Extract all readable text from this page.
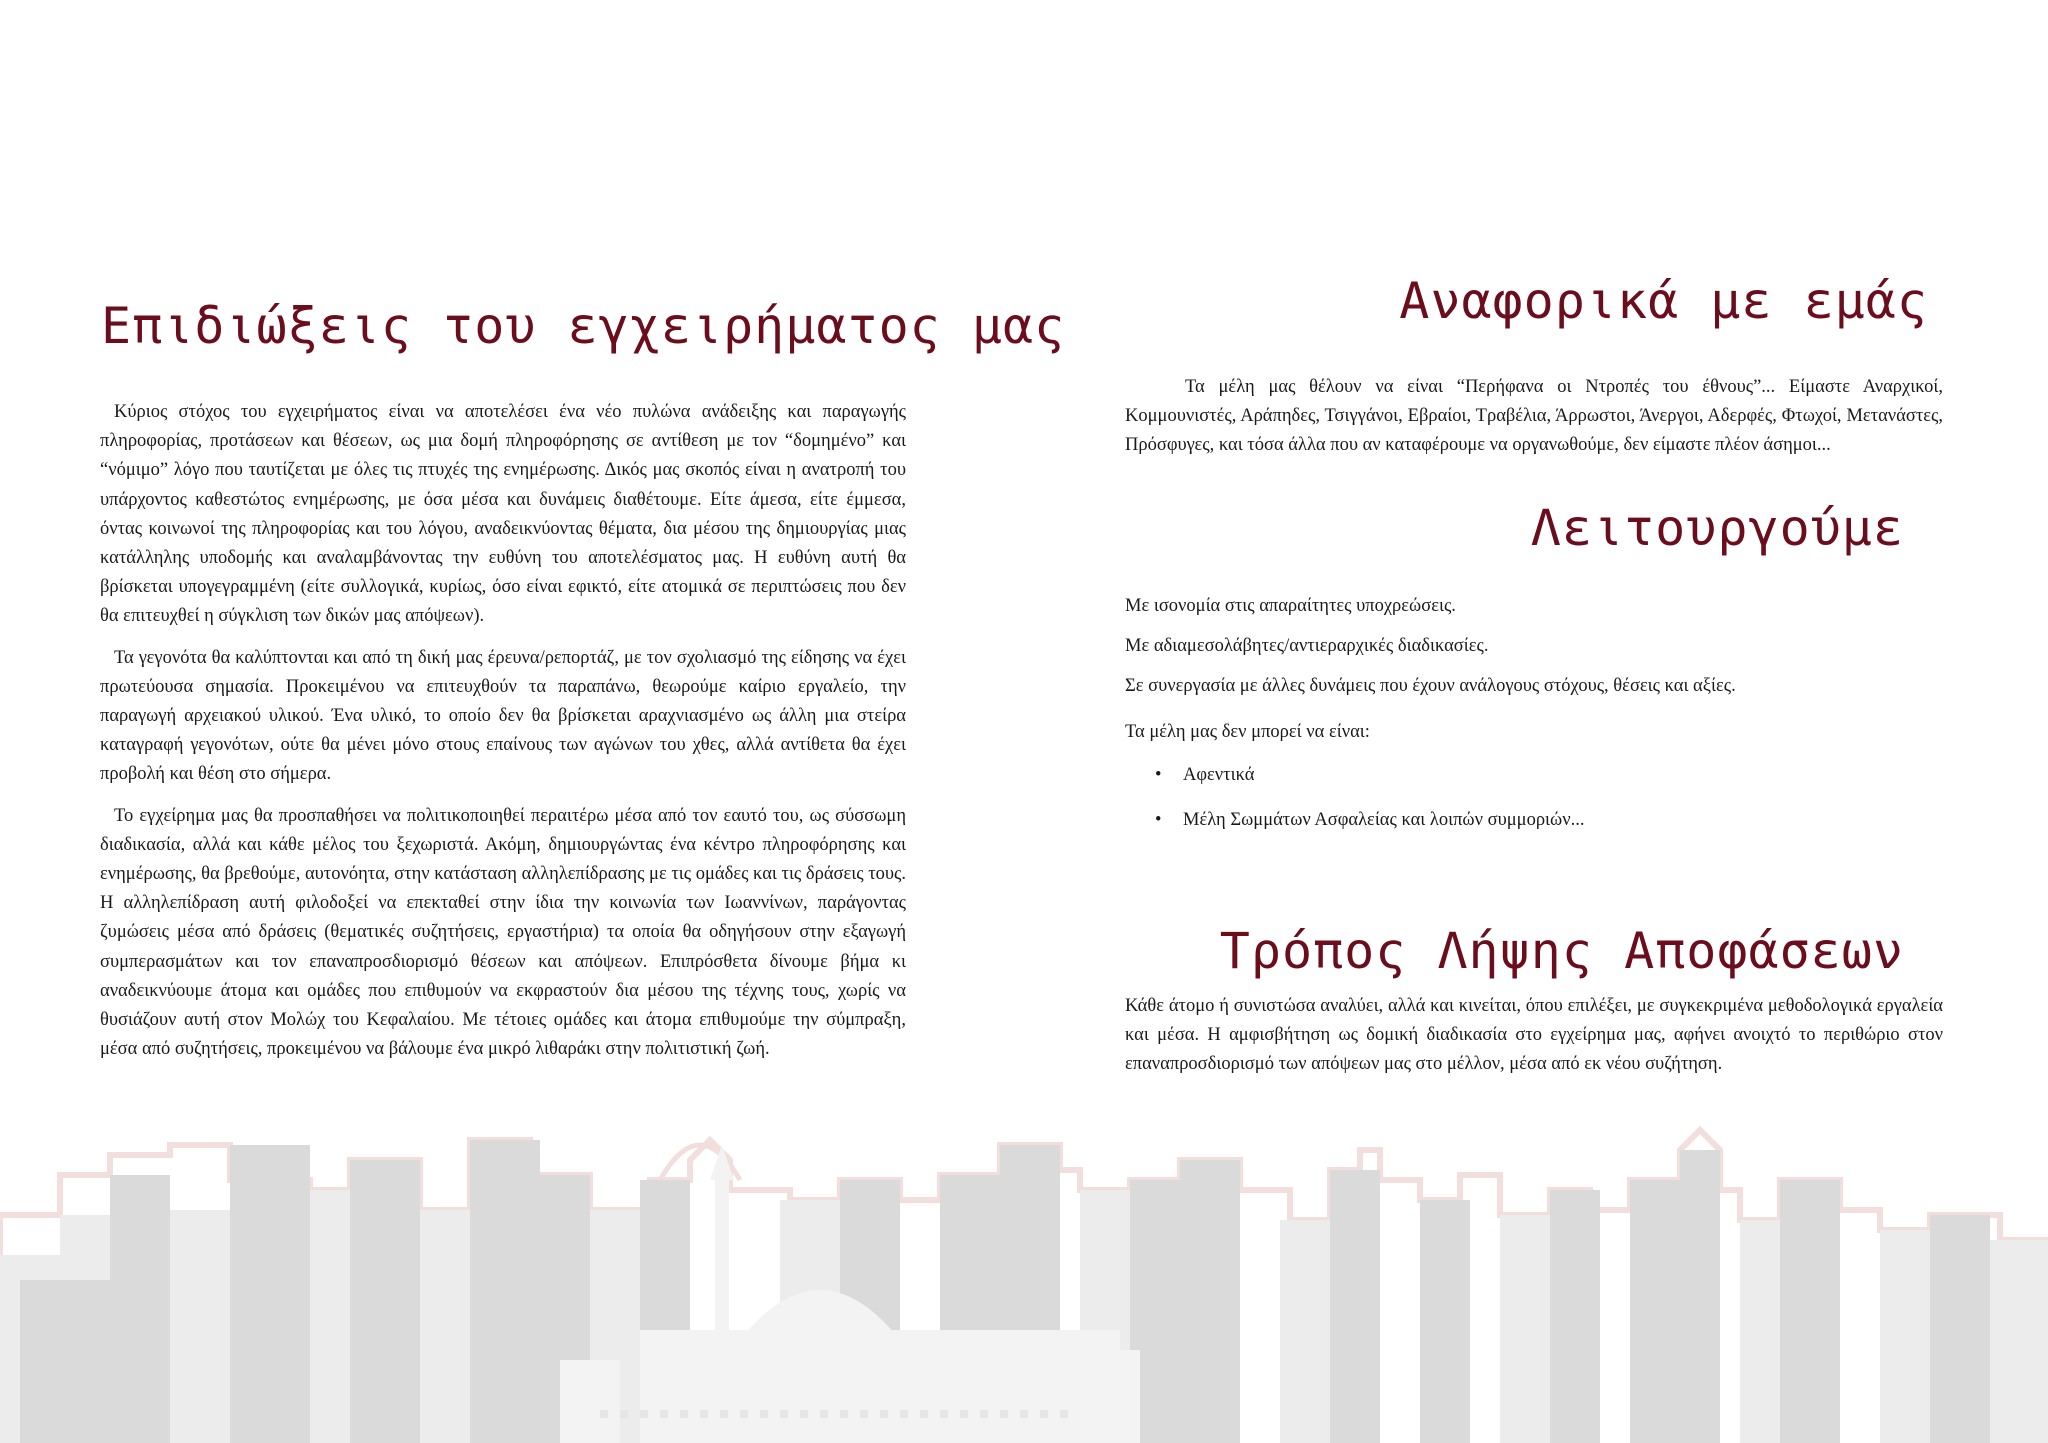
Επιδιώξεις του εγχειρήματος μας

Κύριος στόχος του εγχειρήματος είναι να αποτελέσει ένα νέο πυλώνα ανάδειξης και παραγωγής πληροφορίας, προτάσεων και θέσεων, ως μια δομή πληροφόρησης σε αντίθεση με τον “δομημένο” και “νόμιμο” λόγο που ταυτίζεται με όλες τις πτυχές της ενημέρωσης. Δικός μας σκοπός είναι η ανατροπή του υπάρχοντος καθεστώτος ενημέρωσης, με όσα μέσα και δυνάμεις διαθέτουμε. Είτε άμεσα, είτε έμμεσα, όντας κοινωνοί της πληροφορίας και του λόγου, αναδεικνύοντας θέματα, δια μέσου της δημιουργίας μιας κατάλληλης υποδομής και αναλαμβάνοντας την ευθύνη του αποτελέσματος μας. Η ευθύνη αυτή θα βρίσκεται υπογεγραμμένη (είτε συλλογικά, κυρίως, όσο είναι εφικτό, είτε ατομικά σε περιπτώσεις που δεν θα επιτευχθεί η σύγκλιση των δικών μας απόψεων).

Τα γεγονότα θα καλύπτονται και από τη δική μας έρευνα/ρεπορτάζ, με τον σχολιασμό της είδησης να έχει πρωτεύουσα σημασία. Προκειμένου να επιτευχθούν τα παραπάνω, θεωρούμε καίριο εργαλείο, την παραγωγή αρχειακού υλικού. Ένα υλικό, το οποίο δεν θα βρίσκεται αραχνιασμένο ως άλλη μια στείρα καταγραφή γεγονότων, ούτε θα μένει μόνο στους επαίνους των αγώνων του χθες, αλλά αντίθετα θα έχει προβολή και θέση στο σήμερα.

Το εγχείρημα μας θα προσπαθήσει να πολιτικοποιηθεί περαιτέρω μέσα από τον εαυτό του, ως σύσσωμη διαδικασία, αλλά και κάθε μέλος του ξεχωριστά. Ακόμη, δημιουργώντας ένα κέντρο πληροφόρησης και ενημέρωσης, θα βρεθούμε, αυτονόητα, στην κατάσταση αλληλεπίδρασης με τις ομάδες και τις δράσεις τους. Η αλληλεπίδραση αυτή φιλοδοξεί να επεκταθεί στην ίδια την κοινωνία των Ιωαννίνων, παράγοντας ζυμώσεις μέσα από δράσεις (θεματικές συζητήσεις, εργαστήρια) τα οποία θα οδηγήσουν στην εξαγωγή συμπερασμάτων και τον επαναπροσδιορισμό θέσεων και απόψεων. Επιπρόσθετα δίνουμε βήμα κι αναδεικνύουμε άτομα και ομάδες που επιθυμούν να εκφραστούν δια μέσου της τέχνης τους, χωρίς να θυσιάζουν αυτή στον Μολώχ του Κεφαλαίου. Με τέτοιες ομάδες και άτομα επιθυμούμε την σύμπραξη, μέσα από συζητήσεις, προκειμένου να βάλουμε ένα μικρό λιθαράκι στην πολιτιστική ζωή.

Αναφορικά με εμάς

Τα μέλη μας θέλουν να είναι “Περήφανα οι Ντροπές του έθνους”... Είμαστε Αναρχικοί, Κομμουνιστές, Αράπηδες, Τσιγγάνοι, Εβραίοι, Τραβέλια, Άρρωστοι, Άνεργοι, Αδερφές, Φτωχοί, Μετανάστες, Πρόσφυγες, και τόσα άλλα που αν καταφέρουμε να οργανωθούμε, δεν είμαστε πλέον άσημοι...

Λειτουργούμε

Με ισονομία στις απαραίτητες υποχρεώσεις.

Με αδιαμεσολάβητες/αντιεραρχικές διαδικασίες.

Σε συνεργασία με άλλες δυνάμεις που έχουν ανάλογους στόχους, θέσεις και αξίες.

Τα μέλη μας δεν μπορεί να είναι:

• Αφεντικά
• Μέλη Σωμμάτων Ασφαλείας και λοιπών συμμοριών...
Τρόπος Λήψης Αποφάσεων

Κάθε άτομο ή συνιστώσα αναλύει, αλλά και κινείται, όπου επιλέξει, με συγκεκριμένα μεθοδολογικά εργαλεία και μέσα. Η αμφισβήτηση ως δομική διαδικασία στο εγχείρημα μας, αφήνει ανοιχτό το περιθώριο στον επαναπροσδιορισμό των απόψεων μας στο μέλλον, μέσα από εκ νέου συζήτηση.
